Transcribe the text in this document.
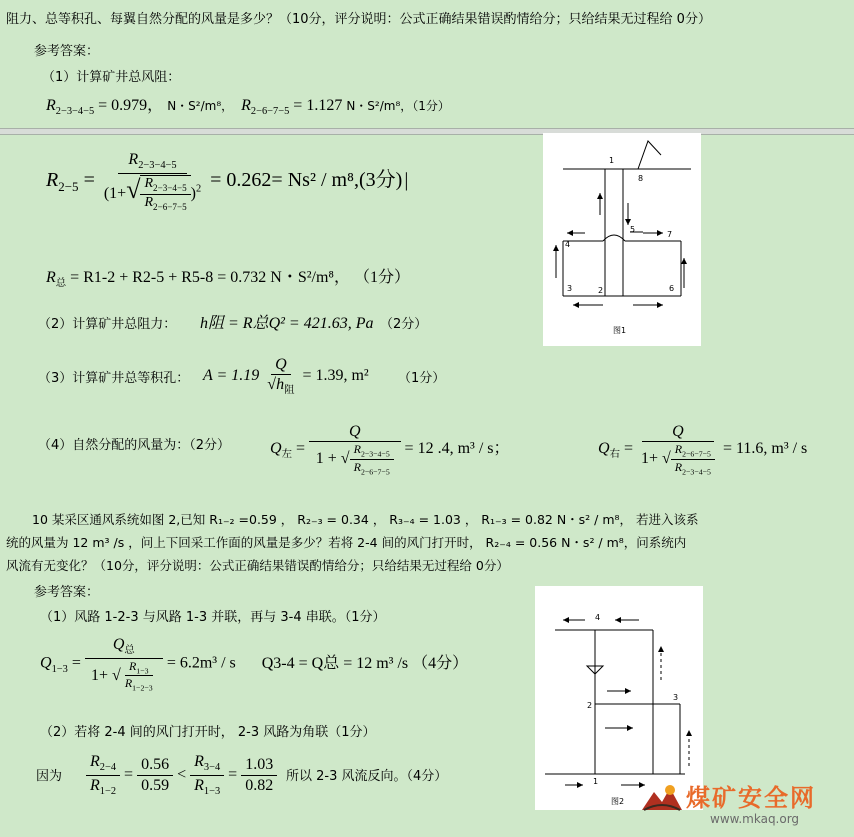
阻力、总等积孔、每翼自然分配的风量是多少？（10分，评分说明：公式正确结果错误酌情给分；只给结果无过程给 0分）
参考答案：
（1）计算矿井总风阻：
$R_{2-3-4-5} = 0.979$， N・S²/m⁸， $R_{2-6-7-5} = 1.127$ N・S²/m⁸，（1分）
$R_{2-5} = \frac{R_{2-3-4-5}}{(1+√ \frac{R_{2-3-4-5}}{R_{2-6-7-5}} )^2} = 0.262= Ns^2 / m^8,(3$分) |
$R_总 = R1-2 + R2-5 + R5-8 = 0.732$ N・S²/m⁸， （1分）
（2）计算矿井总阻力： h阻 = R总Q² = 421.63, Pa （2分）
（3）计算矿井总等积孔： $A = 1.19 \frac{Q}{√h_阻} = 1.39$, m² （1分）
（4）自然分配的风量为：（2分） $Q_左 = \frac{Q}{1 + √ \frac{R_{2-3-4-5}}{R_{2-6-7-5}}} = 12$ .4, m³ / s；	$Q_右 = \frac{Q}{1+ √ \frac{R_{2-6-7-5}}{R_{2-3-4-5}}} = 11.6$, m³ / s
10 某采区通风系统如图 2,已知 R₁₋₂ =0.59 ， R₂₋₃ = 0.34 ， R₃₋₄ = 1.03 ， R₁₋₃ = 0.82 N・s² / m⁸， 若进入该系
统的风量为 12 m³ /s ，问上下回采工作面的风量是多少？若将 2-4 间的风门打开时， R₂₋₄ = 0.56 N・s² / m⁸，问系统内
风流有无变化？（10分，评分说明：公式正确结果错误酌情给分；只给结果无过程给 0分）
参考答案：
（1）风路 1-2-3 与风路 1-3 并联，再与 3-4 串联。（1分）
$Q_{1-3} = \frac{Q_总}{1+ √ \frac{R_{1-3}}{R_{1-2-3}}} = 6.2m^3 / s$ Q3-4 = Q总 = 12 m³ /s （4分）
（2）若将 2-4 间的风门打开时， 2-3 风路为角联（1分）
因为 $\frac{R_{2-4}}{R_{1-2}} = \frac{0.56}{0.59} < \frac{R_{3-4}}{R_{1-3}} = \frac{1.03}{0.82}$ 所以 2-3 风流反向。（4分）
1
8
5
7
4
3	2	6
图1
4
3
2
1
图2	煤矿安全网
www.mkaq.org
